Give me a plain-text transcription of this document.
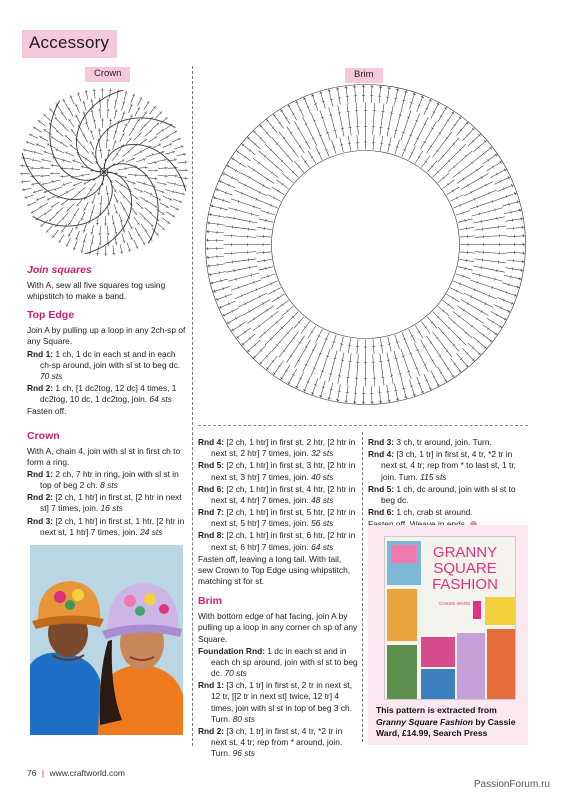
Accessory
Crown	Brim
Join squares

With A, sew all five squares tog using whipstitch to make a band.

Top Edge

Join A by pulling up a loop in any 2ch-sp of any Square.

Rnd 1: 1 ch, 1 dc in each st and in each ch-sp around, join with sl st to beg dc. 70 sts

Rnd 2: 1 ch, [1 dc2tog, 12 dc] 4 times, 1 dc2tog, 10 dc, 1 dc2tog, join. 64 sts

Fasten off.

Crown

With A, chain 4, join with sl st in first ch to form a ring.

Rnd 1: 2 ch, 7 htr in ring, join with sl st in top of beg 2 ch. 8 sts

Rnd 2: [2 ch, 1 htr] in first st, [2 htr in next st] 7 times, join. 16 sts

Rnd 3: [2 ch, 1 htr] in first st, 1 htr, [2 htr in next st, 1 htr] 7 times, join. 24 sts

Rnd 4: [2 ch, 1 htr] in first st, 2 htr, [2 htr in next st, 2 htr] 7 times, join. 32 sts

Rnd 5: [2 ch, 1 htr] in first st, 3 htr, [2 htr in next st, 3 htr] 7 times, join. 40 sts

Rnd 6: [2 ch, 1 htr] in first st, 4 htr, [2 htr in next st, 4 htr] 7 times, join. 48 sts

Rnd 7: [2 ch, 1 htr] in first st, 5 htr, [2 htr in next st, 5 htr] 7 times, join. 56 sts

Rnd 8: [2 ch, 1 htr] in first st, 6 htr, [2 htr in next st, 6 htr] 7 times, join. 64 sts

Fasten off, leaving a long tail. With tail, sew Crown to Top Edge using whipstitch, matching st for st.

Brim

With bottom edge of hat facing, join A by pulling up a loop in any corner ch sp of any Square.

Foundation Rnd: 1 dc in each st and in each ch sp around, join with sl st to beg dc. 70 sts

Rnd 1: [3 ch, 1 tr] in first st, 2 tr in next st, 12 tr, [[2 tr in next st] twice, 12 tr] 4 times, join with sl st in top of beg 3 ch. Turn. 80 sts

Rnd 2: [3 ch, 1 tr] in first st, 4 tr, *2 tr in next st, 4 tr; rep from * around, join. Turn. 96 sts

Rnd 3: 3 ch, tr around, join. Turn.

Rnd 4: [3 ch, 1 tr] in first st, 4 tr, *2 tr in next st, 4 tr; rep from * to last st, 1 tr, join. Turn. 115 sts

Rnd 5: 1 ch, dc around, join with sl st to beg dc.

Rnd 6: 1 ch, crab st around.

GRANNY
SQUARE
FASHION
CASSIE WARD
This pattern is extracted from Granny Square Fashion by Cassie Ward, £14.99, Search Press
76 | www.craftworld.com
PassionForum.ru
